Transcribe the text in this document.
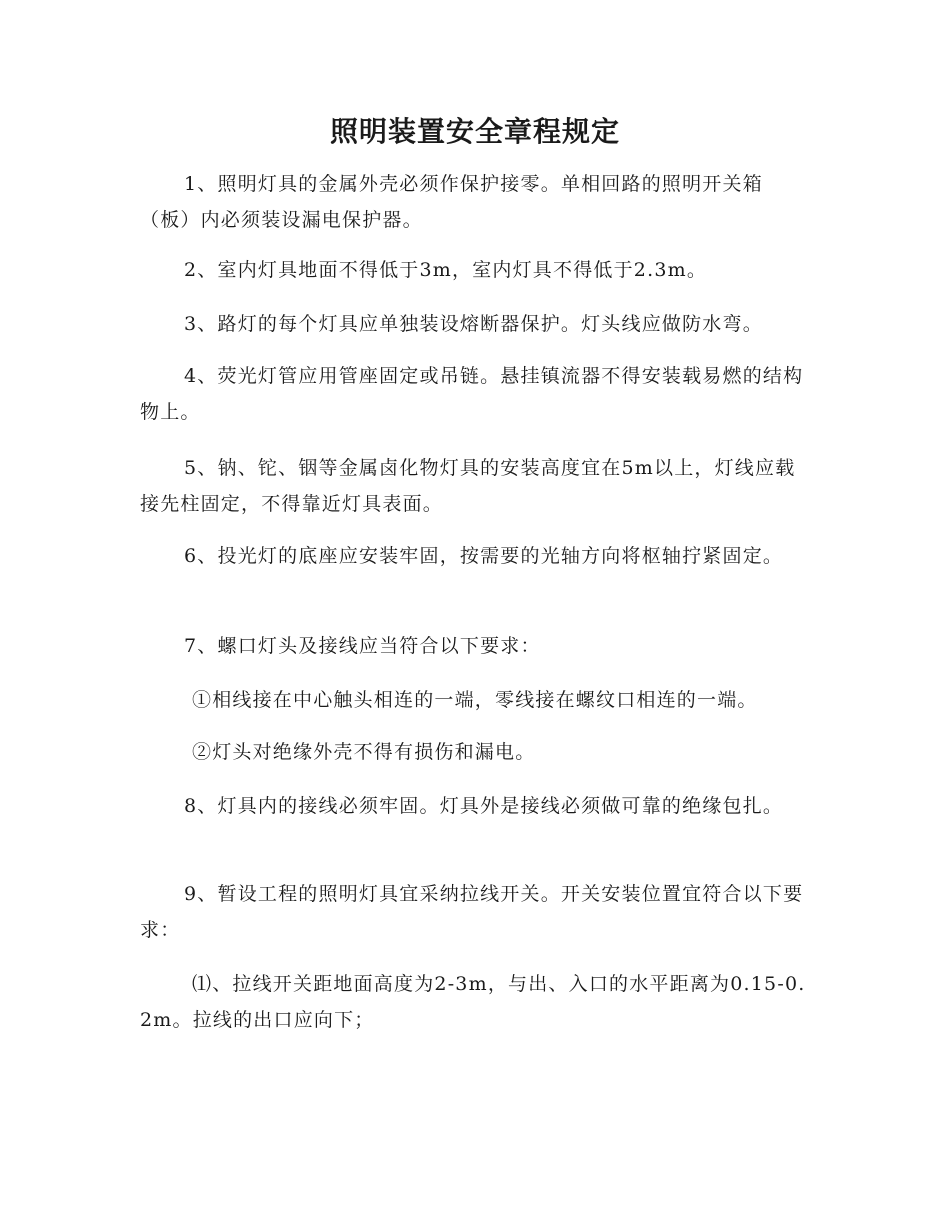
照明装置安全章程规定
1、照明灯具的金属外壳必须作保护接零。单相回路的照明开关箱（板）内必须装设漏电保护器。
2、室内灯具地面不得低于3m，室内灯具不得低于2.3m。
3、路灯的每个灯具应单独装设熔断器保护。灯头线应做防水弯。
4、荧光灯管应用管座固定或吊链。悬挂镇流器不得安装载易燃的结构物上。
5、钠、铊、铟等金属卤化物灯具的安装高度宜在5m以上，灯线应载接先柱固定，不得靠近灯具表面。
6、投光灯的底座应安装牢固，按需要的光轴方向将枢轴拧紧固定。
7、螺口灯头及接线应当符合以下要求：
①相线接在中心触头相连的一端，零线接在螺纹口相连的一端。
②灯头对绝缘外壳不得有损伤和漏电。
8、灯具内的接线必须牢固。灯具外是接线必须做可靠的绝缘包扎。
9、暂设工程的照明灯具宜采纳拉线开关。开关安装位置宜符合以下要求：
⑴、拉线开关距地面高度为2-3m，与出、入口的水平距离为0.15-0.2m。拉线的出口应向下；
